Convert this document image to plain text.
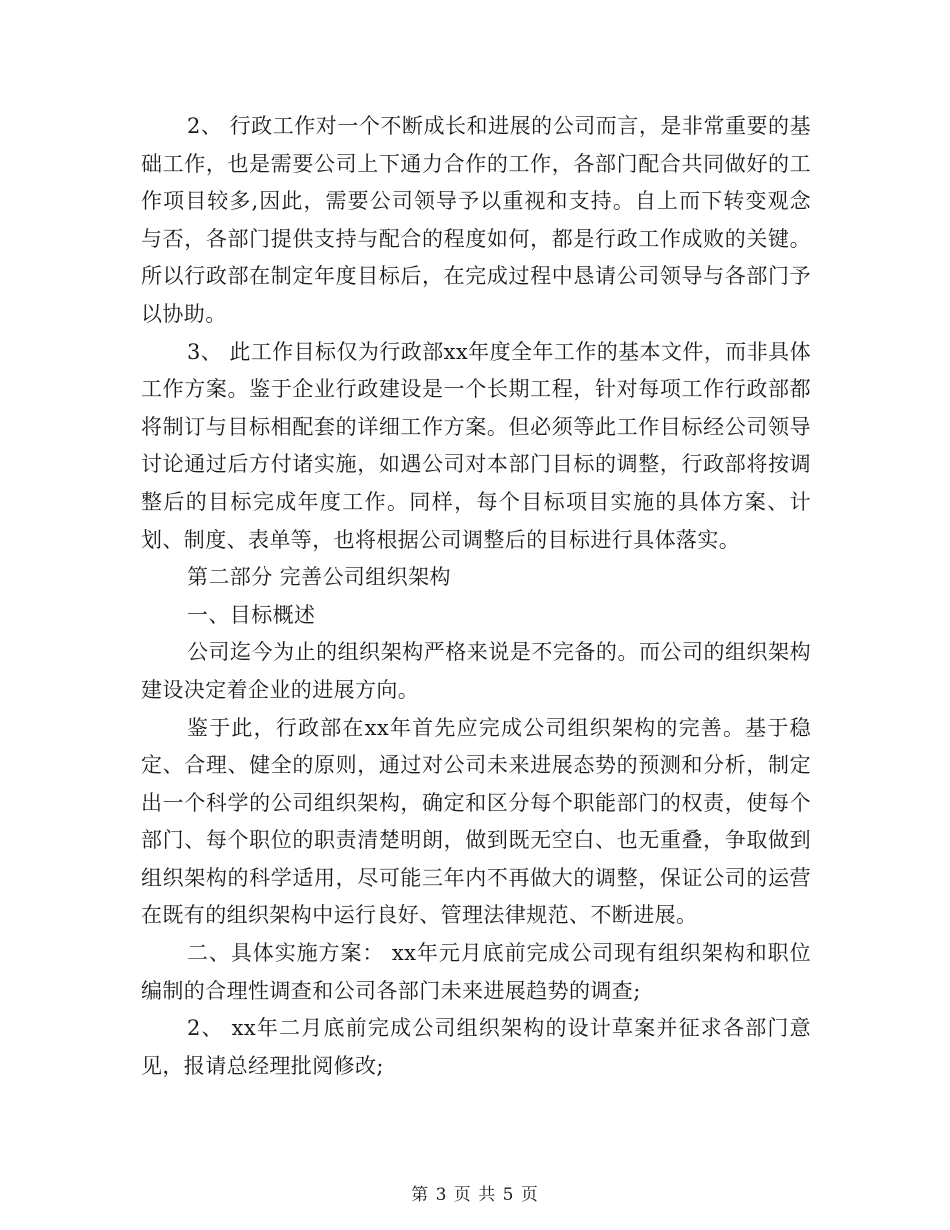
2、 行政工作对一个不断成长和进展的公司而言，是非常重要的基础工作，也是需要公司上下通力合作的工作，各部门配合共同做好的工作项目较多,因此，需要公司领导予以重视和支持。自上而下转变观念与否，各部门提供支持与配合的程度如何，都是行政工作成败的关键。所以行政部在制定年度目标后，在完成过程中恳请公司领导与各部门予以协助。

3、 此工作目标仅为行政部xx年度全年工作的基本文件，而非具体工作方案。鉴于企业行政建设是一个长期工程，针对每项工作行政部都将制订与目标相配套的详细工作方案。但必须等此工作目标经公司领导讨论通过后方付诸实施，如遇公司对本部门目标的调整，行政部将按调整后的目标完成年度工作。同样，每个目标项目实施的具体方案、计划、制度、表单等，也将根据公司调整后的目标进行具体落实。

第二部分 完善公司组织架构

一、目标概述

公司迄今为止的组织架构严格来说是不完备的。而公司的组织架构建设决定着企业的进展方向。

鉴于此，行政部在xx年首先应完成公司组织架构的完善。基于稳定、合理、健全的原则，通过对公司未来进展态势的预测和分析，制定出一个科学的公司组织架构，确定和区分每个职能部门的权责，使每个部门、每个职位的职责清楚明朗，做到既无空白、也无重叠，争取做到组织架构的科学适用，尽可能三年内不再做大的调整，保证公司的运营在既有的组织架构中运行良好、管理法律规范、不断进展。

二、具体实施方案： xx年元月底前完成公司现有组织架构和职位编制的合理性调查和公司各部门未来进展趋势的调查;

2、 xx年二月底前完成公司组织架构的设计草案并征求各部门意见，报请总经理批阅修改;

第 3 页 共 5 页
